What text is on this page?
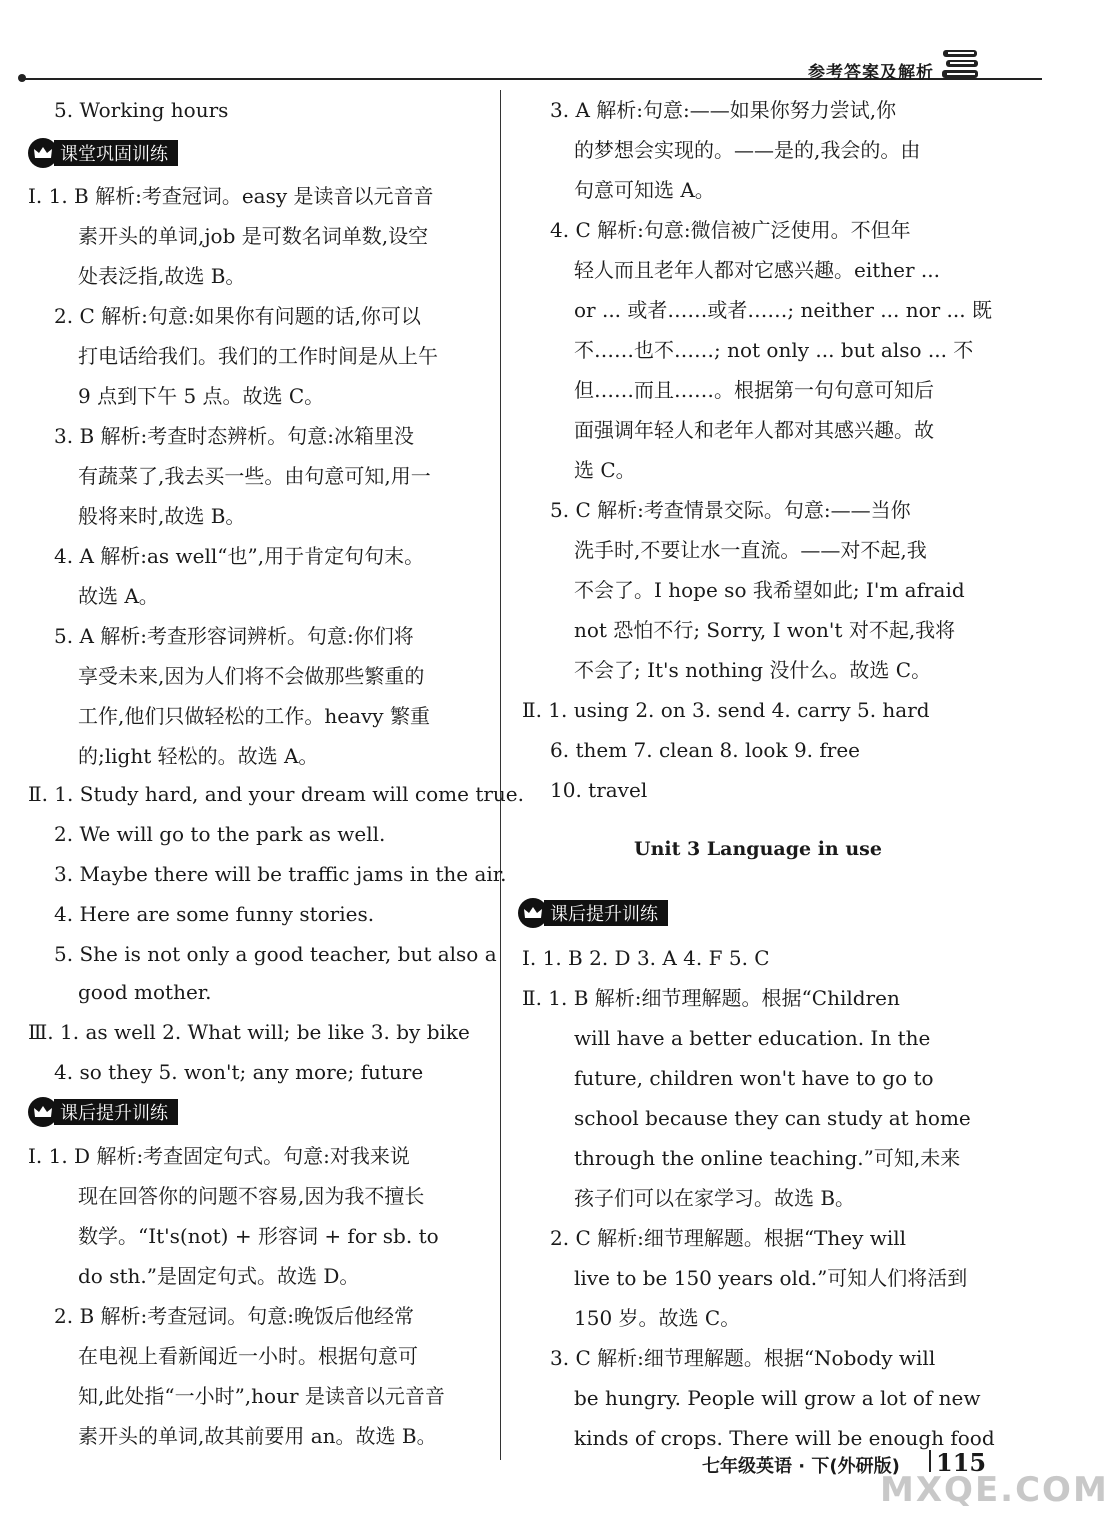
参考答案及解析
5. Working hours
课堂巩固训练
Ⅰ. 1. B 解析:考查冠词。easy 是读音以元音音
素开头的单词,job 是可数名词单数,设空
处表泛指,故选 B。
2. C 解析:句意:如果你有问题的话,你可以
打电话给我们。我们的工作时间是从上午
9 点到下午 5 点。故选 C。
3. B 解析:考查时态辨析。句意:冰箱里没
有蔬菜了,我去买一些。由句意可知,用一
般将来时,故选 B。
4. A 解析:as well“也”,用于肯定句句末。
故选 A。
5. A 解析:考查形容词辨析。句意:你们将
享受未来,因为人们将不会做那些繁重的
工作,他们只做轻松的工作。heavy 繁重
的;light 轻松的。故选 A。
Ⅱ. 1. Study hard, and your dream will come true.
2. We will go to the park as well.
3. Maybe there will be traffic jams in the air.
4. Here are some funny stories.
5. She is not only a good teacher, but also a
good mother.
Ⅲ. 1. as well 2. What will; be like 3. by bike
4. so they 5. won't; any more; future
课后提升训练
Ⅰ. 1. D 解析:考查固定句式。句意:对我来说
现在回答你的问题不容易,因为我不擅长
数学。“It's(not) + 形容词 + for sb. to
do sth.”是固定句式。故选 D。
2. B 解析:考查冠词。句意:晚饭后他经常
在电视上看新闻近一小时。根据句意可
知,此处指“一小时”,hour 是读音以元音音
素开头的单词,故其前要用 an。故选 B。
3. A 解析:句意:——如果你努力尝试,你
的梦想会实现的。——是的,我会的。由
句意可知选 A。
4. C 解析:句意:微信被广泛使用。不但年
轻人而且老年人都对它感兴趣。either ...
or ... 或者……或者……; neither ... nor ... 既
不……也不……; not only ... but also ... 不
但……而且……。根据第一句句意可知后
面强调年轻人和老年人都对其感兴趣。故
选 C。
5. C 解析:考查情景交际。句意:——当你
洗手时,不要让水一直流。——对不起,我
不会了。I hope so 我希望如此; I'm afraid
not 恐怕不行; Sorry, I won't 对不起,我将
不会了; It's nothing 没什么。故选 C。
Ⅱ. 1. using 2. on 3. send 4. carry 5. hard
6. them 7. clean 8. look 9. free
10. travel
Unit 3 Language in use
课后提升训练
Ⅰ. 1. B 2. D 3. A 4. F 5. C
Ⅱ. 1. B 解析:细节理解题。根据“Children
will have a better education. In the
future, children won't have to go to
school because they can study at home
through the online teaching.”可知,未来
孩子们可以在家学习。故选 B。
2. C 解析:细节理解题。根据“They will
live to be 150 years old.”可知人们将活到
150 岁。故选 C。
3. C 解析:细节理解题。根据“Nobody will
be hungry. People will grow a lot of new
kinds of crops. There will be enough food
七年级英语 · 下(外研版) 115
MXQE.COM
